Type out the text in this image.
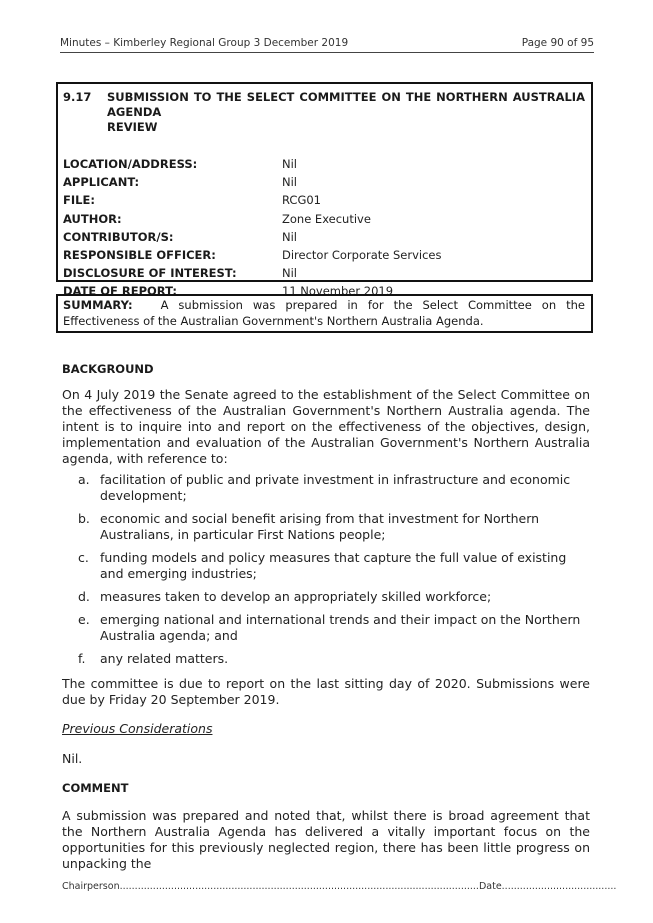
Minutes – Kimberley Regional Group 3 December 2019	Page 90 of 95
9.17	SUBMISSION TO THE SELECT COMMITTEE ON THE NORTHERN AUSTRALIA AGENDA
REVIEW
LOCATION/ADDRESS:	Nil
APPLICANT:	Nil
FILE:	RCG01
AUTHOR:	Zone Executive
CONTRIBUTOR/S:	Nil
RESPONSIBLE OFFICER:	Director Corporate Services
DISCLOSURE OF INTEREST:	Nil
DATE OF REPORT:	11 November 2019
SUMMARY: A submission was prepared in for the Select Committee on the Effectiveness of the Australian Government's Northern Australia Agenda.
BACKGROUND
On 4 July 2019 the Senate agreed to the establishment of the Select Committee on the effectiveness of the Australian Government's Northern Australia agenda. The intent is to inquire into and report on the effectiveness of the objectives, design, implementation and evaluation of the Australian Government's Northern Australia agenda, with reference to:
a. facilitation of public and private investment in infrastructure and economic development;
b. economic and social benefit arising from that investment for Northern Australians, in particular First Nations people;
c. funding models and policy measures that capture the full value of existing and emerging industries;
d. measures taken to develop an appropriately skilled workforce;
e. emerging national and international trends and their impact on the Northern Australia agenda; and
f.	any related matters.
The committee is due to report on the last sitting day of 2020. Submissions were due by Friday 20 September 2019.
Previous Considerations
Nil.
COMMENT
A submission was prepared and noted that, whilst there is broad agreement that the Northern Australia Agenda has delivered a vitally important focus on the opportunities for this previously neglected region, there has been little progress on unpacking the
Chairperson.......................................................................................................................Date......................................
